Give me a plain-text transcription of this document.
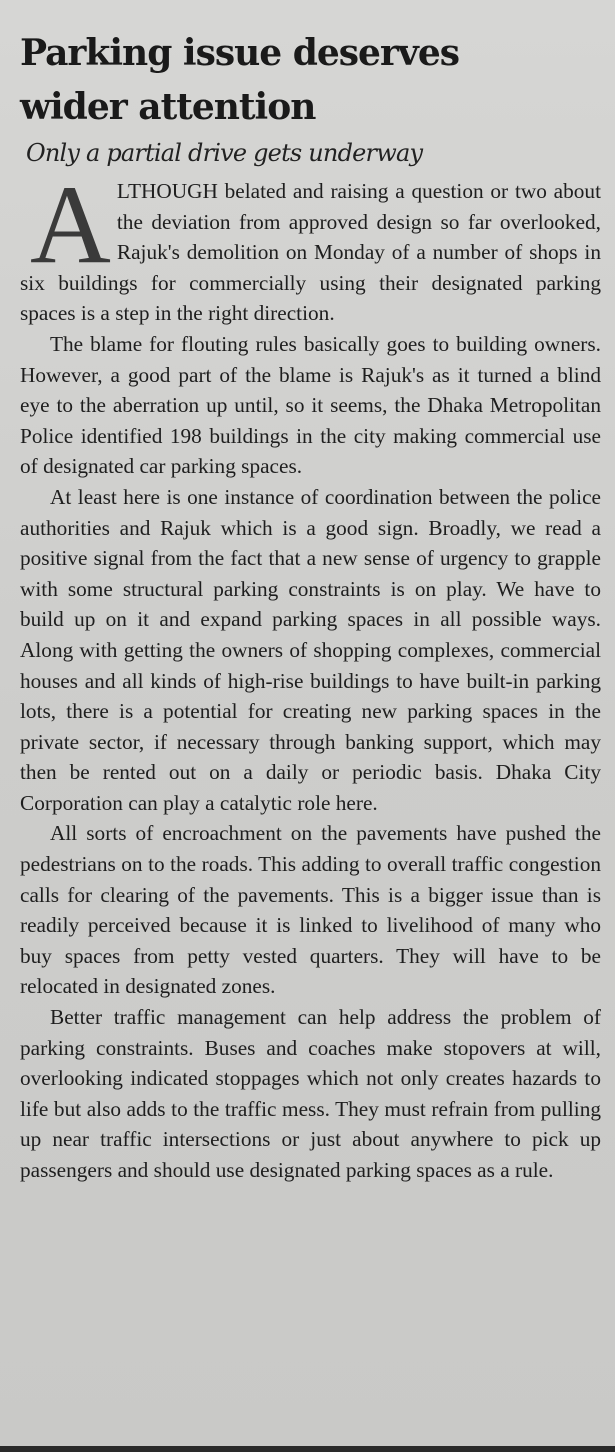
Parking issue deserves
wider attention
Only a partial drive gets underway

A LTHOUGH belated and raising a question or two about the deviation from approved design so far overlooked, Rajuk's demolition on Monday of a number of shops in six buildings for commercially using their designated parking spaces is a step in the right direction.

The blame for flouting rules basically goes to building owners. However, a good part of the blame is Rajuk's as it turned a blind eye to the aberration up until, so it seems, the Dhaka Metropolitan Police identified 198 buildings in the city making commercial use of designated car parking spaces.

At least here is one instance of coordination between the police authorities and Rajuk which is a good sign. Broadly, we read a positive signal from the fact that a new sense of urgency to grapple with some structural parking constraints is on play. We have to build up on it and expand parking spaces in all possible ways. Along with getting the owners of shopping complexes, commercial houses and all kinds of high-rise buildings to have built-in parking lots, there is a potential for creating new parking spaces in the private sector, if necessary through banking support, which may then be rented out on a daily or periodic basis. Dhaka City Corporation can play a catalytic role here.

All sorts of encroachment on the pavements have pushed the pedestrians on to the roads. This adding to overall traffic congestion calls for clearing of the pavements. This is a bigger issue than is readily perceived because it is linked to livelihood of many who buy spaces from petty vested quarters. They will have to be relocated in designated zones.

Better traffic management can help address the problem of parking constraints. Buses and coaches make stopovers at will, overlooking indicated stoppages which not only creates hazards to life but also adds to the traffic mess. They must refrain from pulling up near traffic intersections or just about anywhere to pick up passengers and should use designated parking spaces as a rule.
